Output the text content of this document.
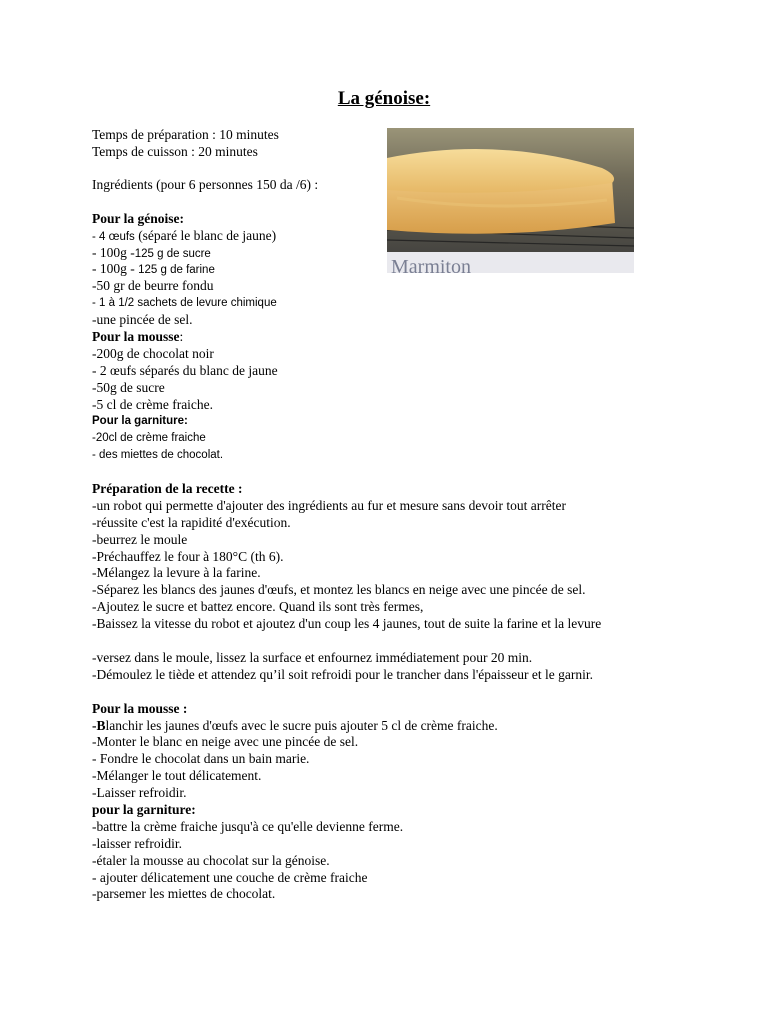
La génoise:
Temps de préparation : 10 minutes
Temps de cuisson : 20 minutes
Marmiton
Ingrédients (pour 6 personnes 150 da /6) :
Pour la génoise:
- 4 œufs (séparé le blanc de jaune)
- 100g -125 g de sucre
- 100g - 125 g de farine
-50 gr de beurre fondu
- 1 à 1/2 sachets de levure chimique
-une pincée de sel.
Pour la mousse:
-200g de chocolat noir
- 2 œufs séparés du blanc de jaune
-50g de sucre
-5 cl de crème fraiche.
Pour la garniture:
-20cl de crème fraiche
- des miettes de chocolat.
Préparation de la recette :
-un robot qui permette d'ajouter des ingrédients au fur et mesure sans devoir tout arrêter
-réussite c'est la rapidité d'exécution.
-beurrez le moule
-Préchauffez le four à 180°C (th 6).
-Mélangez la levure à la farine.
-Séparez les blancs des jaunes d'œufs, et montez les blancs en neige avec une pincée de sel.
-Ajoutez le sucre et battez encore. Quand ils sont très fermes,
-Baissez la vitesse du robot et ajoutez d'un coup les 4 jaunes, tout de suite la farine et la levure
-versez dans le moule, lissez la surface et enfournez immédiatement pour 20 min.
-Démoulez le tiède et attendez qu’il soit refroidi pour le trancher dans l'épaisseur et le garnir.
Pour la mousse :
-Blanchir les jaunes d'œufs avec le sucre puis ajouter 5 cl de crème fraiche.
-Monter le blanc en neige avec une pincée de sel.
- Fondre le chocolat dans un bain marie.
-Mélanger le tout délicatement.
-Laisser refroidir.
pour la garniture:
-battre la crème fraiche jusqu'à ce qu'elle devienne ferme.
-laisser refroidir.
-étaler la mousse au chocolat sur la génoise.
- ajouter délicatement une couche de crème fraiche
-parsemer les miettes de chocolat.
